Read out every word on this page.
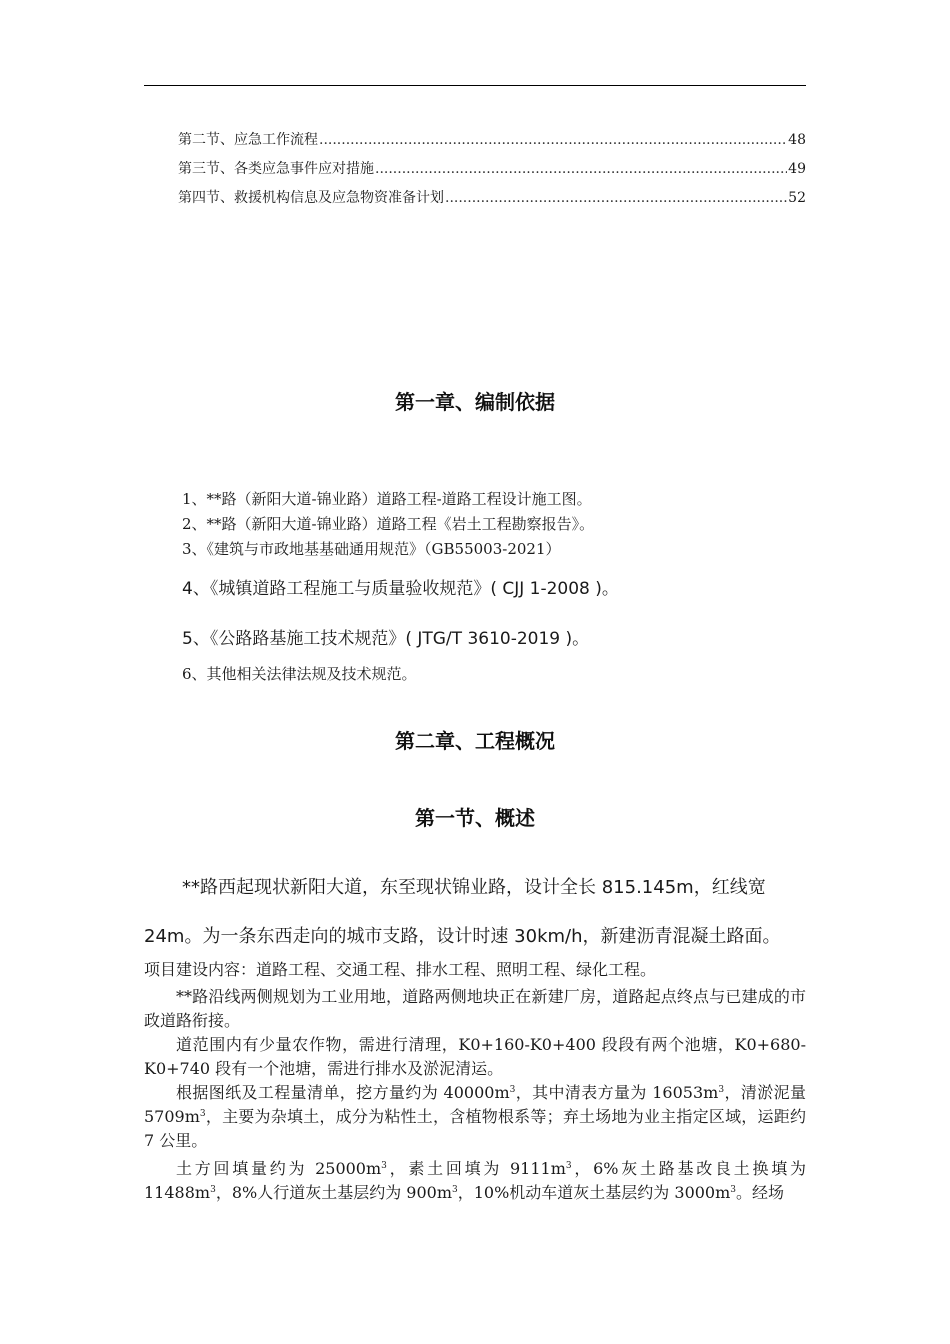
第二节、应急工作流程 .....	48
第三节、各类应急事件应对措施 .....	49
第四节、救援机构信息及应急物资准备计划 .....	52
第一章、编制依据
1、**路（新阳大道-锦业路）道路工程-道路工程设计施工图。
2、**路（新阳大道-锦业路）道路工程《岩土工程勘察报告》。
3、《建筑与市政地基基础通用规范》（GB55003-2021）
4、《城镇道路工程施工与质量验收规范》( CJJ 1-2008 )。
5、《公路路基施工技术规范》( JTG/T 3610-2019 )。
6、其他相关法律法规及技术规范。
第二章、工程概况
第一节、概述
**路西起现状新阳大道，东至现状锦业路，设计全长 815.145m，红线宽
24m。为一条东西走向的城市支路，设计时速 30km/h，新建沥青混凝土路面。
项目建设内容：道路工程、交通工程、排水工程、照明工程、绿化工程。
**路沿线两侧规划为工业用地，道路两侧地块正在新建厂房，道路起点终点与已建成的市政道路衔接。
道范围内有少量农作物，需进行清理，K0+160-K0+400 段段有两个池塘，K0+680-K0+740 段有一个池塘，需进行排水及淤泥清运。
根据图纸及工程量清单，挖方量约为 $40000m^3$，其中清表方量为 $16053m^3$，清淤泥量 $5709m^3$，主要为杂填土，成分为粘性土，含植物根系等；弃土场地为业主指定区域，运距约 7 公里。
土方回填量约为 $25000m^3$，素土回填为 $9111m^3$，6%灰土路基改良土换填为 $11488m^3$，8%人行道灰土基层约为 $900m^3$，10%机动车道灰土基层约为 $3000m^3$。经场
